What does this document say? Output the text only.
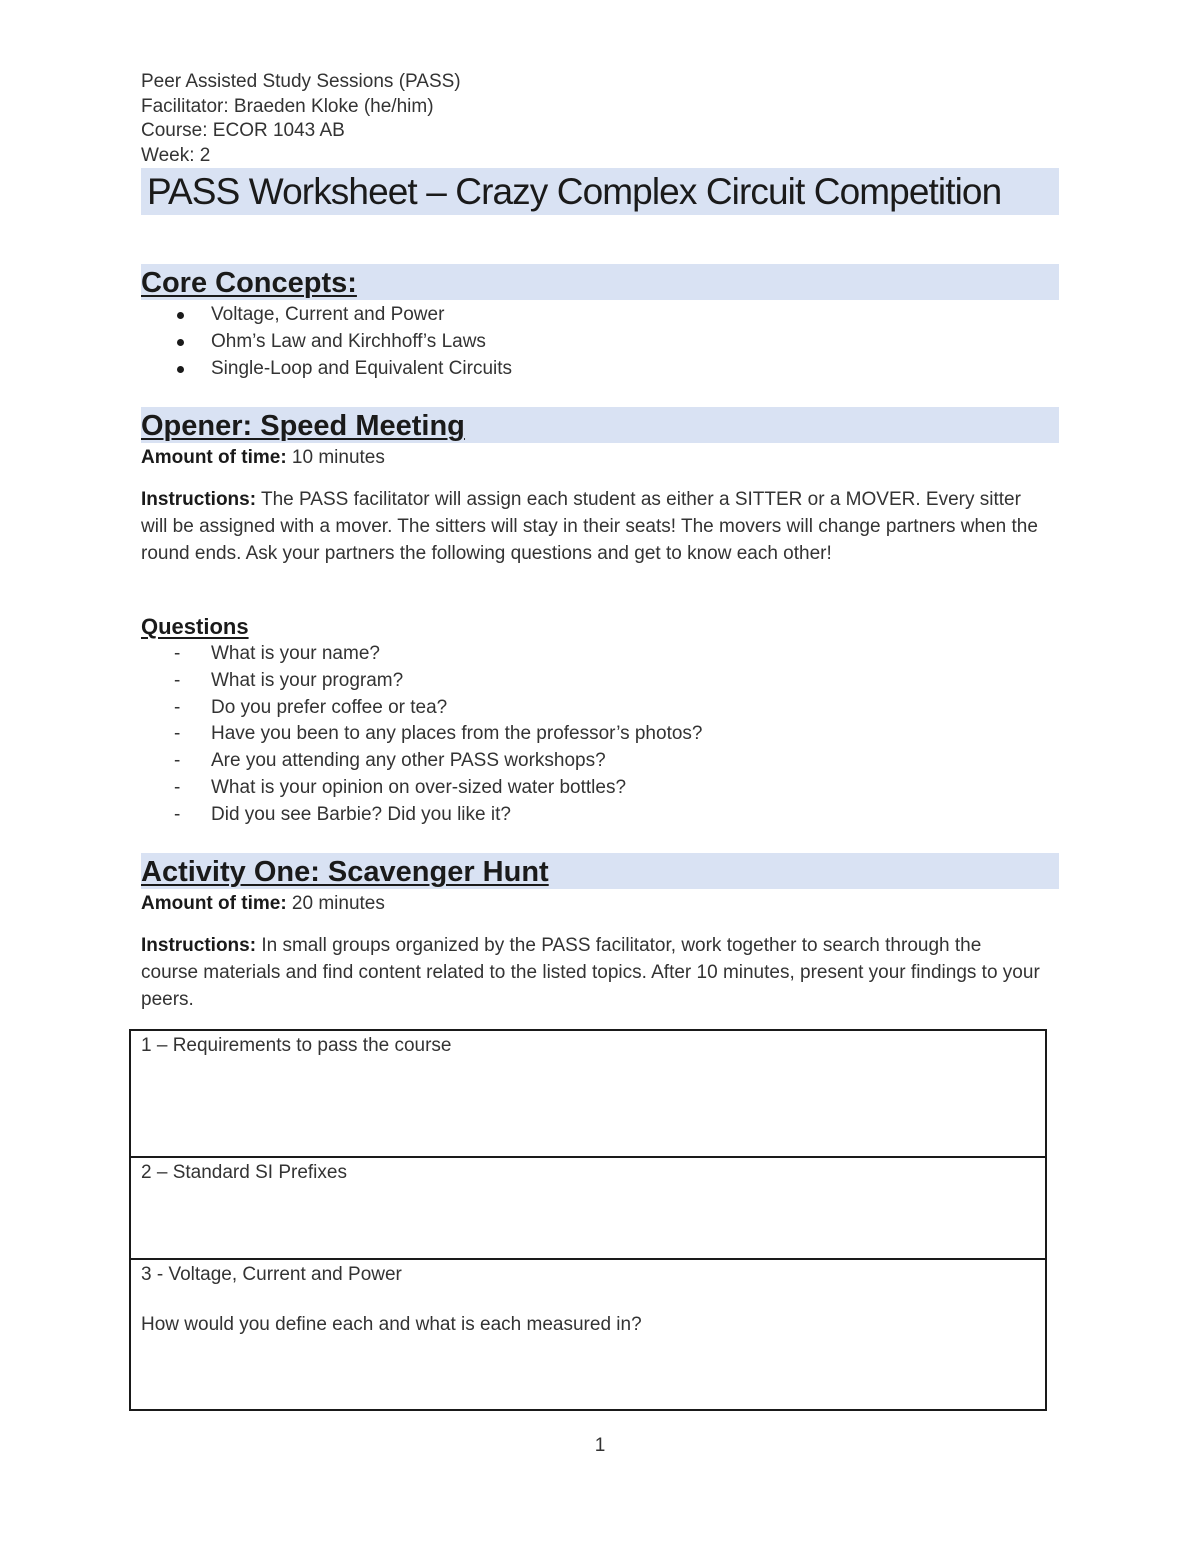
Peer Assisted Study Sessions (PASS)
Facilitator: Braeden Kloke (he/him)
Course: ECOR 1043 AB
Week: 2
PASS Worksheet – Crazy Complex Circuit Competition
Core Concepts:
Voltage, Current and Power
Ohm’s Law and Kirchhoff’s Laws
Single-Loop and Equivalent Circuits
Opener: Speed Meeting
Amount of time: 10 minutes
Instructions: The PASS facilitator will assign each student as either a SITTER or a MOVER. Every sitter will be assigned with a mover. The sitters will stay in their seats! The movers will change partners when the round ends. Ask your partners the following questions and get to know each other!
Questions
- What is your name?
- What is your program?
- Do you prefer coffee or tea?
- Have you been to any places from the professor’s photos?
- Are you attending any other PASS workshops?
- What is your opinion on over-sized water bottles?
- Did you see Barbie? Did you like it?
Activity One: Scavenger Hunt
Amount of time: 20 minutes
Instructions: In small groups organized by the PASS facilitator, work together to search through the course materials and find content related to the listed topics. After 10 minutes, present your findings to your peers.
1 – Requirements to pass the course

2 – Standard SI Prefixes

3 - Voltage, Current and Power
How would you define each and what is each measured in?
1
